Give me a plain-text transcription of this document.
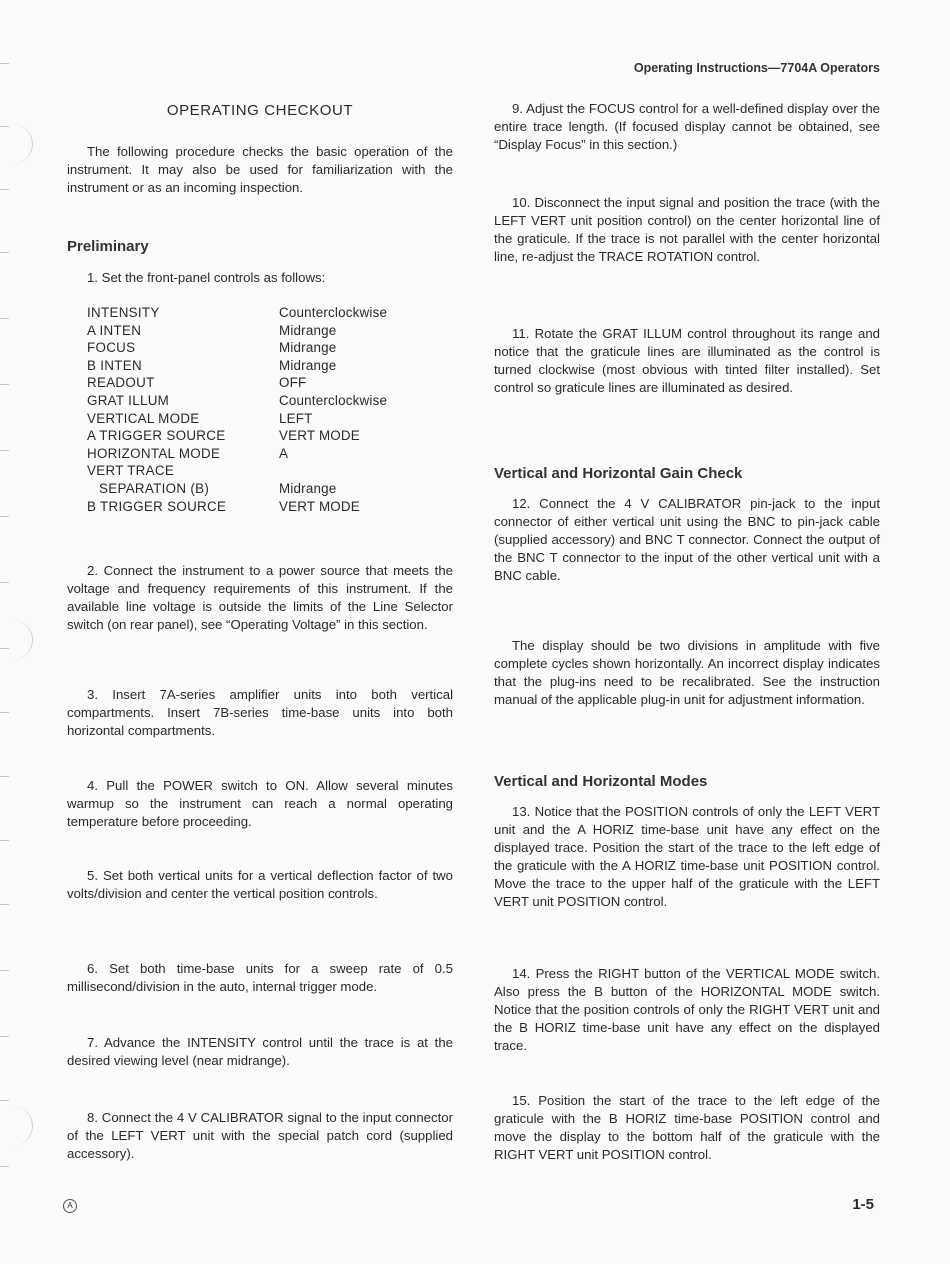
Operating Instructions—7704A Operators
OPERATING CHECKOUT

The following procedure checks the basic operation of the instrument. It may also be used for familiarization with the instrument or as an incoming inspection.

Preliminary

1. Set the front-panel controls as follows:

INTENSITY	Counterclockwise
A INTEN	Midrange
FOCUS	Midrange
B INTEN	Midrange
READOUT	OFF
GRAT ILLUM	Counterclockwise
VERTICAL MODE	LEFT
A TRIGGER SOURCE	VERT MODE
HORIZONTAL MODE	A
VERT TRACE
SEPARATION (B)	Midrange
B TRIGGER SOURCE	VERT MODE

2. Connect the instrument to a power source that meets the voltage and frequency requirements of this instrument. If the available line voltage is outside the limits of the Line Selector switch (on rear panel), see “Operating Voltage” in this section.

3. Insert 7A-series amplifier units into both vertical compartments. Insert 7B-series time-base units into both horizontal compartments.

4. Pull the POWER switch to ON. Allow several minutes warmup so the instrument can reach a normal operating temperature before proceeding.

5. Set both vertical units for a vertical deflection factor of two volts/division and center the vertical position controls.

6. Set both time-base units for a sweep rate of 0.5 millisecond/division in the auto, internal trigger mode.

7. Advance the INTENSITY control until the trace is at the desired viewing level (near midrange).

8. Connect the 4 V CALIBRATOR signal to the input connector of the LEFT VERT unit with the special patch cord (supplied accessory).

9. Adjust the FOCUS control for a well-defined display over the entire trace length. (If focused display cannot be obtained, see “Display Focus” in this section.)

10. Disconnect the input signal and position the trace (with the LEFT VERT unit position control) on the center horizontal line of the graticule. If the trace is not parallel with the center horizontal line, re-adjust the TRACE ROTATION control.

11. Rotate the GRAT ILLUM control throughout its range and notice that the graticule lines are illuminated as the control is turned clockwise (most obvious with tinted filter installed). Set control so graticule lines are illuminated as desired.

Vertical and Horizontal Gain Check

12. Connect the 4 V CALIBRATOR pin-jack to the input connector of either vertical unit using the BNC to pin-jack cable (supplied accessory) and BNC T connector. Connect the output of the BNC T connector to the input of the other vertical unit with a BNC cable.

The display should be two divisions in amplitude with five complete cycles shown horizontally. An incorrect display indicates that the plug-ins need to be recalibrated. See the instruction manual of the applicable plug-in unit for adjustment information.

Vertical and Horizontal Modes

13. Notice that the POSITION controls of only the LEFT VERT unit and the A HORIZ time-base unit have any effect on the displayed trace. Position the start of the trace to the left edge of the graticule with the A HORIZ time-base unit POSITION control. Move the trace to the upper half of the graticule with the LEFT VERT unit POSITION control.

14. Press the RIGHT button of the VERTICAL MODE switch. Also press the B button of the HORIZONTAL MODE switch. Notice that the position controls of only the RIGHT VERT unit and the B HORIZ time-base unit have any effect on the displayed trace.

15. Position the start of the trace to the left edge of the graticule with the B HORIZ time-base POSITION control and move the display to the bottom half of the graticule with the RIGHT VERT unit POSITION control.

A	1-5
